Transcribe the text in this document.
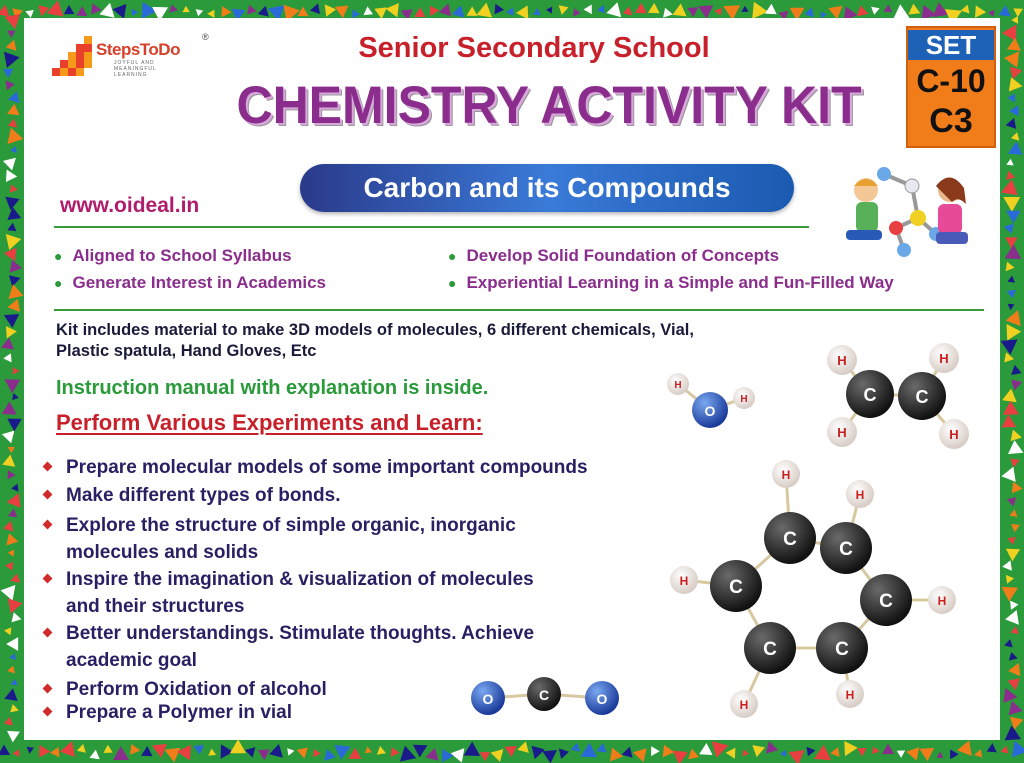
StepsToDo
®
JOYFUL AND MEANINGFUL LEARNING
Senior Secondary School
CHEMISTRY ACTIVITY KIT
SET
C-10
C3
Carbon and its Compounds
www.oideal.in
● Aligned to School Syllabus
● Generate Interest in Academics
● Develop Solid Foundation of Concepts
● Experiential Learning in a Simple and Fun-Filled Way
Kit includes material to make 3D models of molecules, 6 different chemicals, Vial,
Plastic spatula, Hand Gloves, Etc
Instruction manual with explanation is inside.
Perform Various Experiments and Learn:
Prepare molecular models of some important compounds
Make different types of bonds.
Explore the structure of simple organic, inorganic
molecules and solids
Inspire the imagination & visualization of molecules
and their structures
Better understandings. Stimulate thoughts. Achieve
academic goal
Perform Oxidation of alcohol
Prepare a Polymer in vial
H
H
O
H	H
H	H
C C
H
H
H
H
H
H
C C
C
C
C
C
O	C	O
